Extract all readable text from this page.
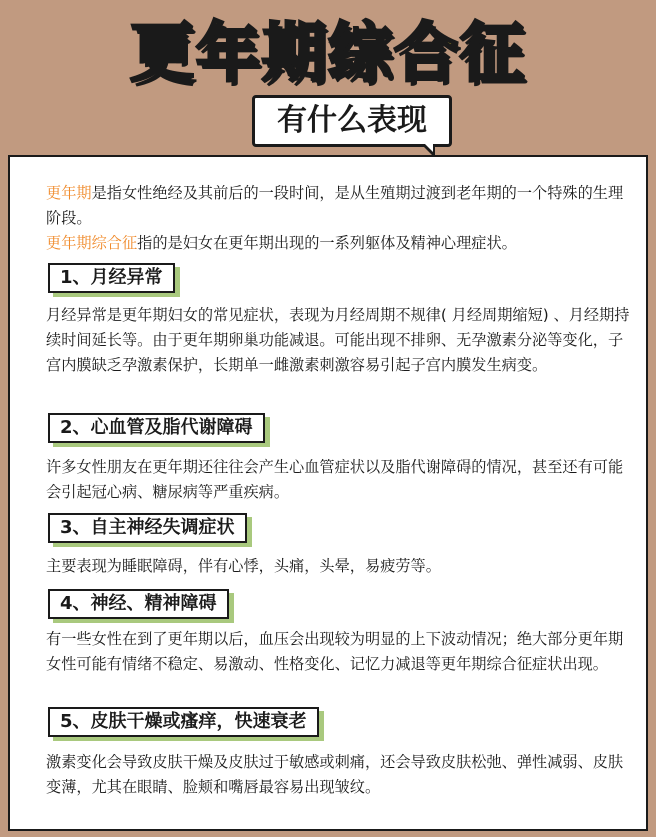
更年期综合征
有什么表现
更年期是指女性绝经及其前后的一段时间，是从生殖期过渡到老年期的一个特殊的生理阶段。
更年期综合征指的是妇女在更年期出现的一系列躯体及精神心理症状。
1、月经异常
月经异常是更年期妇女的常见症状，表现为月经周期不规律( 月经周期缩短) 、月经期持续时间延长等。由于更年期卵巢功能减退。可能出现不排卵、无孕激素分泌等变化，子宫内膜缺乏孕激素保护，长期单一雌激素刺激容易引起子宫内膜发生病变。
2、心血管及脂代谢障碍
许多女性朋友在更年期还往往会产生心血管症状以及脂代谢障碍的情况，甚至还有可能会引起冠心病、糖尿病等严重疾病。
3、自主神经失调症状
主要表现为睡眠障碍，伴有心悸，头痛，头晕，易疲劳等。
4、神经、精神障碍
有一些女性在到了更年期以后，血压会出现较为明显的上下波动情况；绝大部分更年期女性可能有情绪不稳定、易激动、性格变化、记忆力减退等更年期综合征症状出现。
5、皮肤干燥或瘙痒，快速衰老
激素变化会导致皮肤干燥及皮肤过于敏感或刺痛，还会导致皮肤松弛、弹性减弱、皮肤变薄，尤其在眼睛、脸颊和嘴唇最容易出现皱纹。
